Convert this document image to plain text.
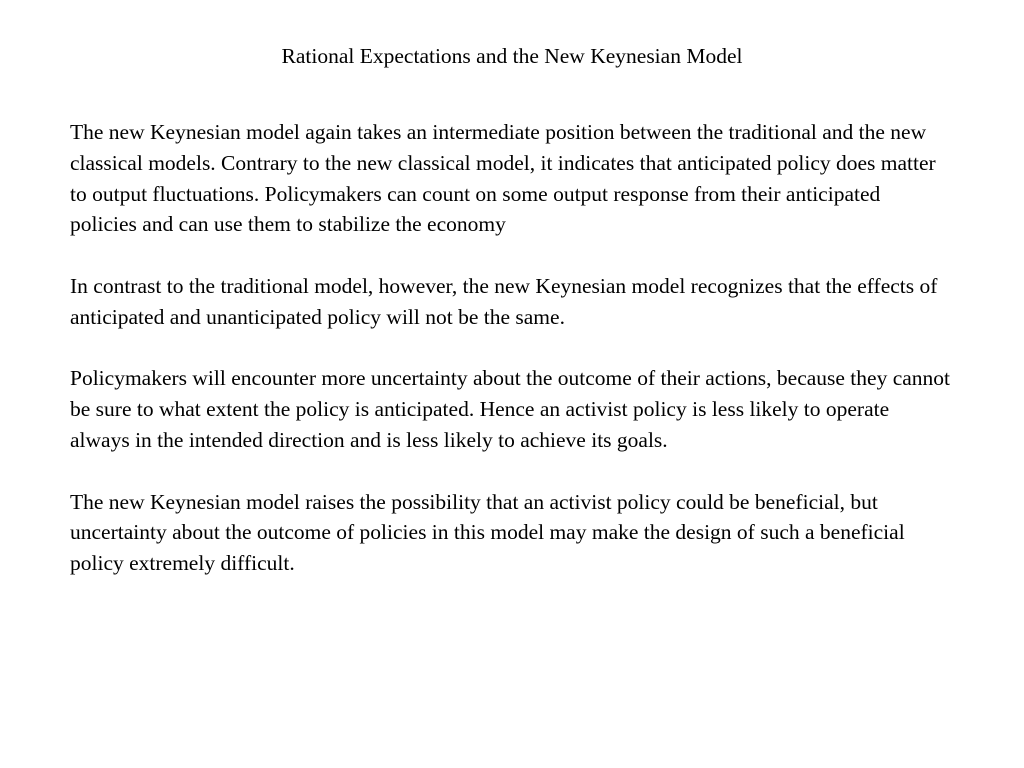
Rational Expectations and the New Keynesian Model

The new Keynesian model again takes an intermediate position between the traditional and the new classical models. Contrary to the new classical model, it indicates that anticipated policy does matter to output fluctuations. Policymakers can count on some output response from their anticipated policies and can use them to stabilize the economy

In contrast to the traditional model, however, the new Keynesian model recognizes that the effects of anticipated and unanticipated policy will not be the same.

Policymakers will encounter more uncertainty about the outcome of their actions, because they cannot be sure to what extent the policy is anticipated. Hence an activist policy is less likely to operate always in the intended direction and is less likely to achieve its goals.

The new Keynesian model raises the possibility that an activist policy could be beneficial, but uncertainty about the outcome of policies in this model may make the design of such a beneficial policy extremely difficult.
